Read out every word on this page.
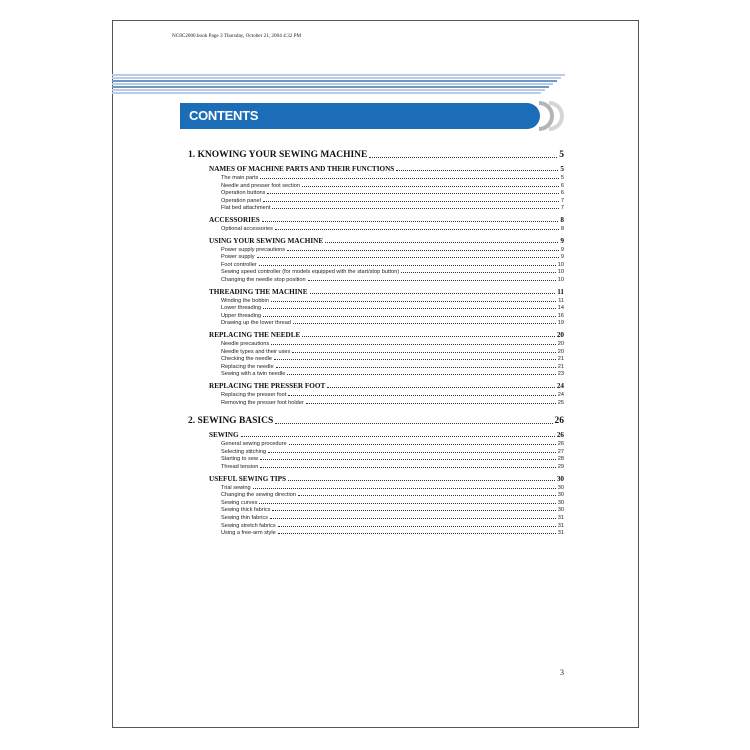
NC8C2000.book Page 3 Thursday, October 21, 2004 4:32 PM
CONTENTS
1. KNOWING YOUR SEWING MACHINE	5
NAMES OF MACHINE PARTS AND THEIR FUNCTIONS	5
The main parts	5
Needle and presser foot section	6
Operation buttons	6
Operation panel	7
Flat bed attachment	7
ACCESSORIES	8
Optional accessories	8
USING YOUR SEWING MACHINE	9
Power supply precautions	9
Power supply	9
Foot controller	10
Sewing speed controller (for models equipped with the start/stop button)	10
Changing the needle stop position	10
THREADING THE MACHINE	11
Winding the bobbin	11
Lower threading	14
Upper threading	16
Drawing up the lower thread	19
REPLACING THE NEEDLE	20
Needle precautions	20
Needle types and their uses	20
Checking the needle	21
Replacing the needle	21
Sewing with a twin needle	23
REPLACING THE PRESSER FOOT	24
Replacing the presser foot	24
Removing the presser foot holder	25
2. SEWING BASICS	26
SEWING	26
General sewing procedure	26
Selecting stitching	27
Starting to sew	28
Thread tension	29
USEFUL SEWING TIPS	30
Trial sewing	30
Changing the sewing direction	30
Sewing curves	30
Sewing thick fabrics	30
Sewing thin fabrics	31
Sewing stretch fabrics	31
Using a free-arm style	31
3
